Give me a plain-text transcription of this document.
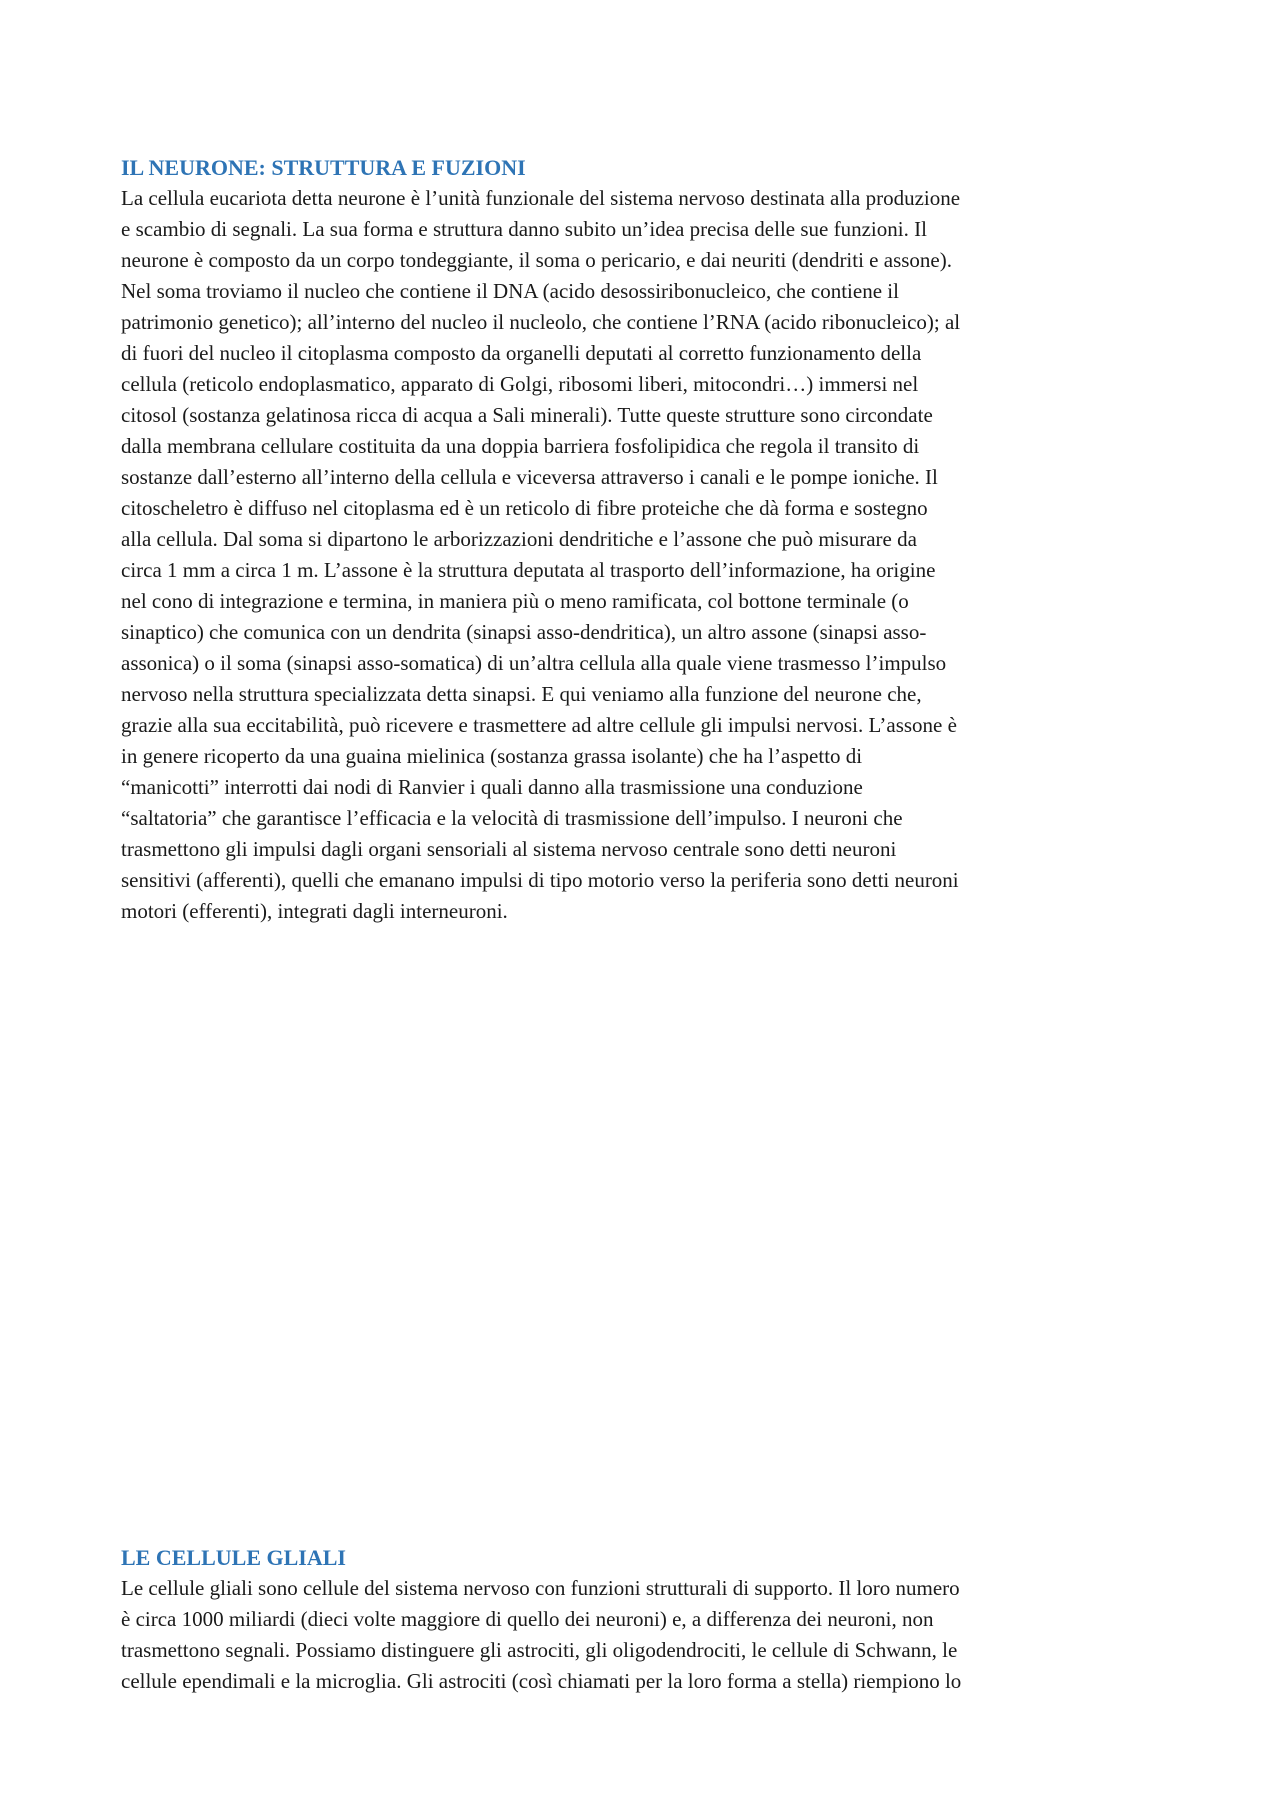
IL NEURONE: STRUTTURA E FUZIONI
La cellula eucariota detta neurone è l’unità funzionale del sistema nervoso destinata alla produzione
e scambio di segnali. La sua forma e struttura danno subito un’idea precisa delle sue funzioni. Il
neurone è composto da un corpo tondeggiante, il soma o pericario, e dai neuriti (dendriti e assone).
Nel soma troviamo il nucleo che contiene il DNA (acido desossiribonucleico, che contiene il
patrimonio genetico); all’interno del nucleo il nucleolo, che contiene l’RNA (acido ribonucleico); al
di fuori del nucleo il citoplasma composto da organelli deputati al corretto funzionamento della
cellula (reticolo endoplasmatico, apparato di Golgi, ribosomi liberi, mitocondri…) immersi nel
citosol (sostanza gelatinosa ricca di acqua a Sali minerali). Tutte queste strutture sono circondate
dalla membrana cellulare costituita da una doppia barriera fosfolipidica che regola il transito di
sostanze dall’esterno all’interno della cellula e viceversa attraverso i canali e le pompe ioniche. Il
citoscheletro è diffuso nel citoplasma ed è un reticolo di fibre proteiche che dà forma e sostegno
alla cellula. Dal soma si dipartono le arborizzazioni dendritiche e l’assone che può misurare da
circa 1 mm a circa 1 m. L’assone è la struttura deputata al trasporto dell’informazione, ha origine
nel cono di integrazione e termina, in maniera più o meno ramificata, col bottone terminale (o
sinaptico) che comunica con un dendrita (sinapsi asso-dendritica), un altro assone (sinapsi asso-
assonica) o il soma (sinapsi asso-somatica) di un’altra cellula alla quale viene trasmesso l’impulso
nervoso nella struttura specializzata detta sinapsi. E qui veniamo alla funzione del neurone che,
grazie alla sua eccitabilità, può ricevere e trasmettere ad altre cellule gli impulsi nervosi. L’assone è
in genere ricoperto da una guaina mielinica (sostanza grassa isolante) che ha l’aspetto di
“manicotti” interrotti dai nodi di Ranvier i quali danno alla trasmissione una conduzione
“saltatoria” che garantisce l’efficacia e la velocità di trasmissione dell’impulso. I neuroni che
trasmettono gli impulsi dagli organi sensoriali al sistema nervoso centrale sono detti neuroni
sensitivi (afferenti), quelli che emanano impulsi di tipo motorio verso la periferia sono detti neuroni
motori (efferenti), integrati dagli interneuroni.
LE CELLULE GLIALI
Le cellule gliali sono cellule del sistema nervoso con funzioni strutturali di supporto. Il loro numero
è circa 1000 miliardi (dieci volte maggiore di quello dei neuroni) e, a differenza dei neuroni, non
trasmettono segnali. Possiamo distinguere gli astrociti, gli oligodendrociti, le cellule di Schwann, le
cellule ependimali e la microglia. Gli astrociti (così chiamati per la loro forma a stella) riempiono lo
